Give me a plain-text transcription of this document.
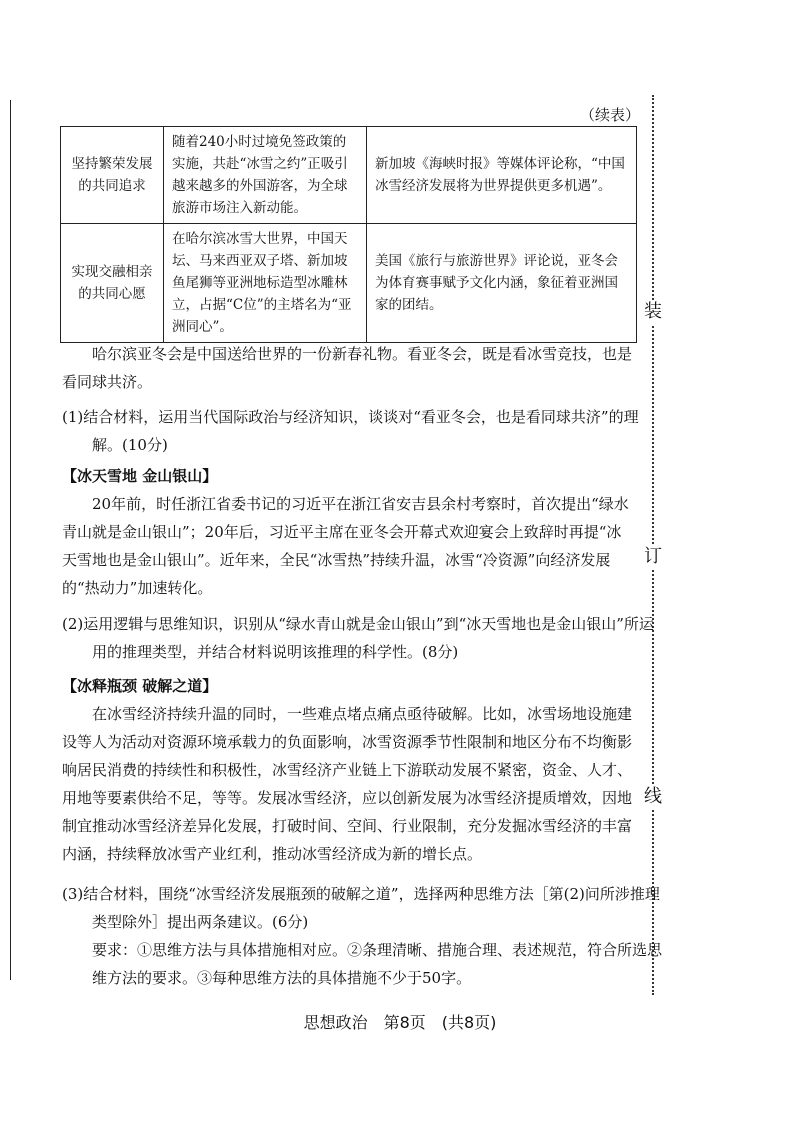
装
订
线
（续表）
坚持繁荣发展的共同追求	随着240小时过境免签政策的实施，共赴“冰雪之约”正吸引越来越多的外国游客，为全球旅游市场注入新动能。	新加坡《海峡时报》等媒体评论称，“中国冰雪经济发展将为世界提供更多机遇”。
实现交融相亲的共同心愿	在哈尔滨冰雪大世界，中国天坛、马来西亚双子塔、新加坡鱼尾狮等亚洲地标造型冰雕林立，占据“C位”的主塔名为“亚洲同心”。	美国《旅行与旅游世界》评论说，亚冬会为体育赛事赋予文化内涵，象征着亚洲国家的团结。

哈尔滨亚冬会是中国送给世界的一份新春礼物。看亚冬会，既是看冰雪竞技，也是看同球共济。

(1)结合材料，运用当代国际政治与经济知识，谈谈对“看亚冬会，也是看同球共济”的理解。(10分)

【冰天雪地 金山银山】

20年前，时任浙江省委书记的习近平在浙江省安吉县余村考察时，首次提出“绿水青山就是金山银山”；20年后，习近平主席在亚冬会开幕式欢迎宴会上致辞时再提“冰天雪地也是金山银山”。近年来，全民“冰雪热”持续升温，冰雪“冷资源”向经济发展的“热动力”加速转化。

(2)运用逻辑与思维知识，识别从“绿水青山就是金山银山”到“冰天雪地也是金山银山”所运用的推理类型，并结合材料说明该推理的科学性。(8分)

【冰释瓶颈 破解之道】

在冰雪经济持续升温的同时，一些难点堵点痛点亟待破解。比如，冰雪场地设施建设等人为活动对资源环境承载力的负面影响，冰雪资源季节性限制和地区分布不均衡影响居民消费的持续性和积极性，冰雪经济产业链上下游联动发展不紧密，资金、人才、用地等要素供给不足，等等。发展冰雪经济，应以创新发展为冰雪经济提质增效，因地制宜推动冰雪经济差异化发展，打破时间、空间、行业限制，充分发掘冰雪经济的丰富内涵，持续释放冰雪产业红利，推动冰雪经济成为新的增长点。

(3)结合材料，围绕“冰雪经济发展瓶颈的破解之道”，选择两种思维方法［第(2)问所涉推理类型除外］提出两条建议。(6分)

要求：①思维方法与具体措施相对应。②条理清晰、措施合理、表述规范，符合所选思维方法的要求。③每种思维方法的具体措施不少于50字。

思想政治　第8页　(共8页)
